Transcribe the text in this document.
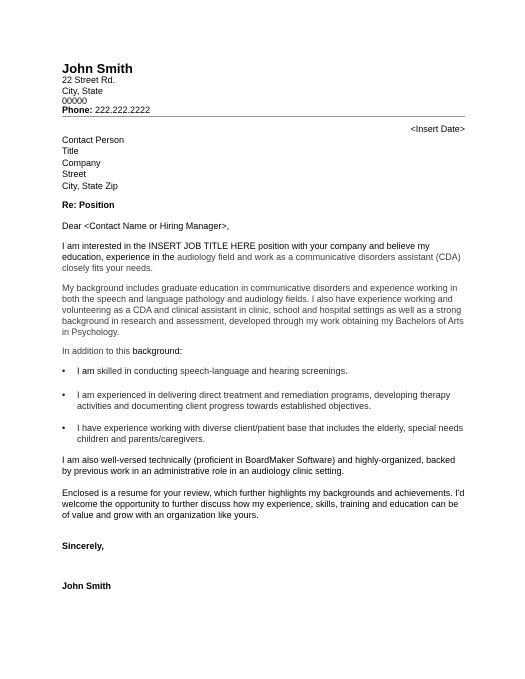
John Smith
22 Street Rd.
City, State
00000
Phone: 222.222.2222
<Insert Date>
Contact Person
Title
Company
Street
City, State Zip
Re: Position
Dear <Contact Name or Hiring Manager>,
I am interested in the INSERT JOB TITLE HERE position with your company and believe my education, experience in the audiology field and work as a communicative disorders assistant (CDA) closely fits your needs.
My background includes graduate education in communicative disorders and experience working in both the speech and language pathology and audiology fields. I also have experience working and volunteering as a CDA and clinical assistant in clinic, school and hospital settings as well as a strong background in research and assessment, developed through my work obtaining my Bachelors of Arts in Psychology.
In addition to this background:
•	I am skilled in conducting speech-language and hearing screenings.
•	I am experienced in delivering direct treatment and remediation programs, developing therapy activities and documenting client progress towards established objectives.
•	I have experience working with diverse client/patient base that includes the elderly, special needs children and parents/caregivers.
I am also well-versed technically (proficient in BoardMaker Software) and highly-organized, backed by previous work in an administrative role in an audiology clinic setting.
Enclosed is a resume for your review, which further highlights my backgrounds and achievements. I'd welcome the opportunity to further discuss how my experience, skills, training and education can be of value and grow with an organization like yours.
Sincerely,
John Smith
